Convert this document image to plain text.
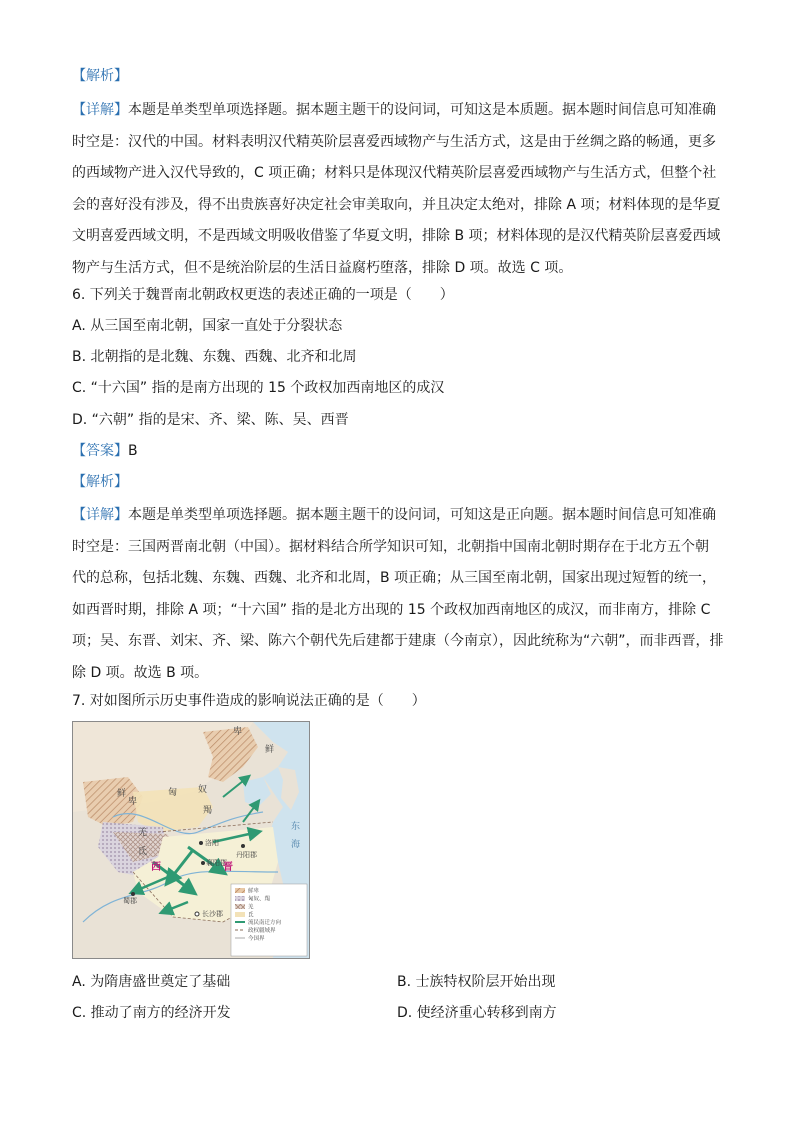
【解析】
【详解】本题是单类型单项选择题。据本题主题干的设问词，可知这是本质题。据本题时间信息可知准确
时空是：汉代的中国。材料表明汉代精英阶层喜爱西域物产与生活方式，这是由于丝绸之路的畅通，更多
的西域物产进入汉代导致的，C 项正确；材料只是体现汉代精英阶层喜爱西域物产与生活方式，但整个社
会的喜好没有涉及，得不出贵族喜好决定社会审美取向，并且决定太绝对，排除 A 项；材料体现的是华夏
文明喜爱西域文明，不是西域文明吸收借鉴了华夏文明，排除 B 项；材料体现的是汉代精英阶层喜爱西域
物产与生活方式，但不是统治阶层的生活日益腐朽堕落，排除 D 项。故选 C 项。
6. 下列关于魏晋南北朝政权更迭的表述正确的一项是（　　）
A. 从三国至南北朝，国家一直处于分裂状态
B. 北朝指的是北魏、东魏、西魏、北齐和北周
C. “十六国” 指的是南方出现的 15 个政权加西南地区的成汉
D. “六朝” 指的是宋、齐、梁、陈、吴、西晋
【答案】B
【解析】
【详解】本题是单类型单项选择题。据本题主题干的设问词，可知这是正向题。据本题时间信息可知准确
时空是：三国两晋南北朝（中国）。据材料结合所学知识可知，北朝指中国南北朝时期存在于北方五个朝
代的总称，包括北魏、东魏、西魏、北齐和北周，B 项正确；从三国至南北朝，国家出现过短暂的统一，
如西晋时期，排除 A 项；“十六国” 指的是北方出现的 15 个政权加西南地区的成汉，而非南方，排除 C
项；吴、东晋、刘宋、齐、梁、陈六个朝代先后建都于建康（今南京），因此统称为“六朝”，而非西晋，排
除 D 项。故选 B 项。
7. 对如图所示历史事件造成的影响说法正确的是（　　）
鲜
卑
鲜
卑
匈 奴
羯
羌
氐
洛阳
襄阳郡
丹阳郡
蜀郡
长沙郡
东
海
西	晋
鲜卑
匈奴、羯
羌
氐
流民南迁方向
政权疆域界
今国界
A. 为隋唐盛世奠定了基础	B. 士族特权阶层开始出现
C. 推动了南方的经济开发	D. 使经济重心转移到南方
